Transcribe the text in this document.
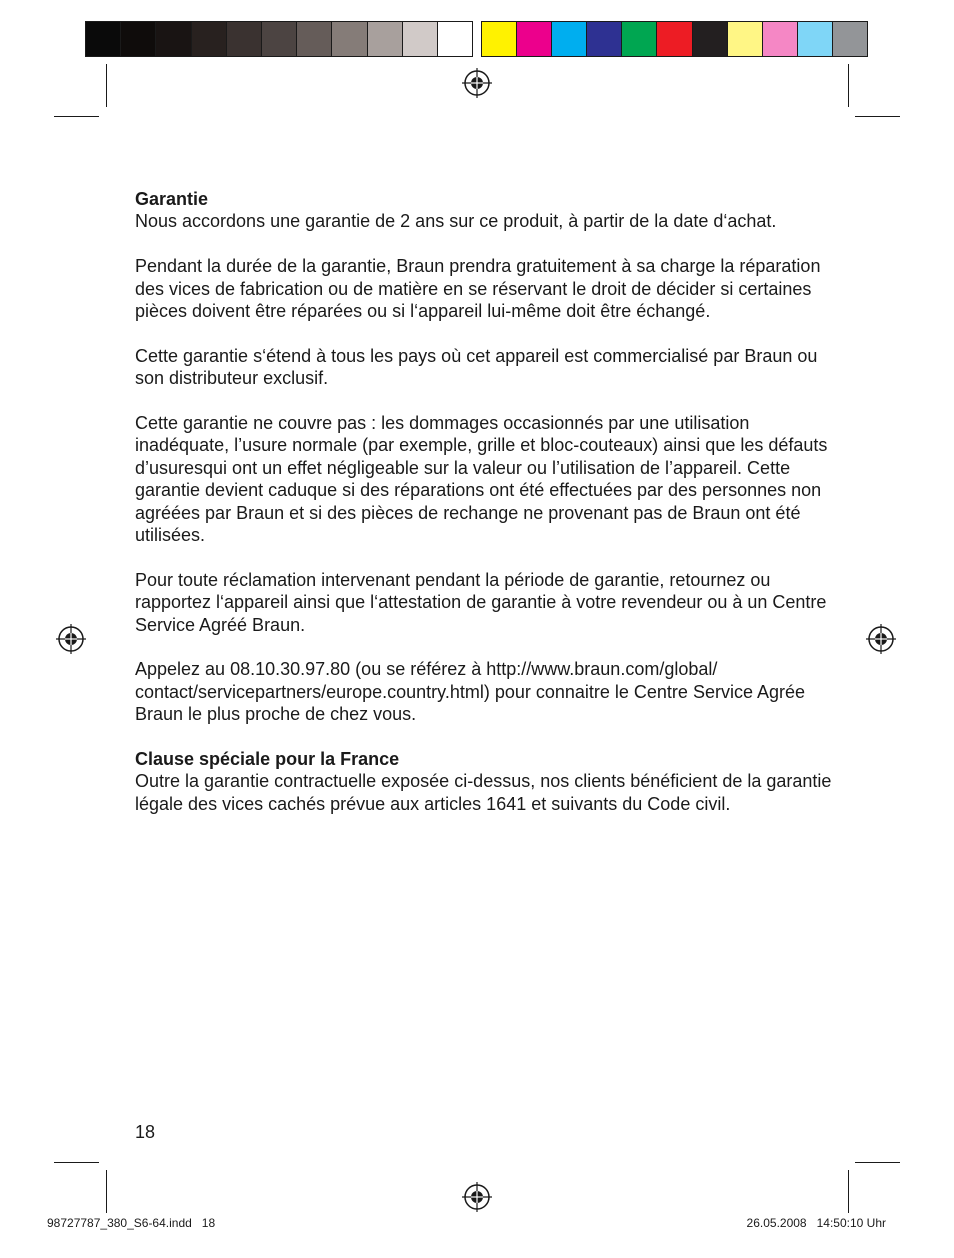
Garantie
Nous accordons une garantie de 2 ans sur ce produit, à partir de la date d‘achat.

Pendant la durée de la garantie, Braun prendra gratuitement à sa charge la réparation des vices de fabrication ou de matière en se réservant le droit de décider si certaines pièces doivent être réparées ou si l‘appareil lui-même doit être échangé.

Cette garantie s‘étend à tous les pays où cet appareil est commercialisé par Braun ou son distributeur exclusif.

Cette garantie ne couvre pas : les dommages occasionnés par une utilisation inadéquate, l’usure normale (par exemple, grille et bloc-couteaux) ainsi que les défauts d’usuresqui ont un effet négligeable sur la valeur ou l’utilisation de l’appareil. Cette garantie devient caduque si des réparations ont été effectuées par des personnes non agréées par Braun et si des pièces de rechange ne provenant pas de Braun ont été utilisées.

Pour toute réclamation intervenant pendant la période de garantie, retournez ou rapportez l‘appareil ainsi que l‘attestation de garantie à votre revendeur ou à un Centre Service Agréé Braun.

Appelez au 08.10.30.97.80 (ou se référez à http://www.braun.com/global/ contact/servicepartners/europe.country.html) pour connaitre le Centre Service Agrée Braun le plus proche de chez vous.

Clause spéciale pour la France
Outre la garantie contractuelle exposée ci-dessus, nos clients bénéficient de la garantie légale des vices cachés prévue aux articles 1641 et suivants du Code civil.

18
98727787_380_S6-64.indd   18	26.05.2008   14:50:10 Uhr
